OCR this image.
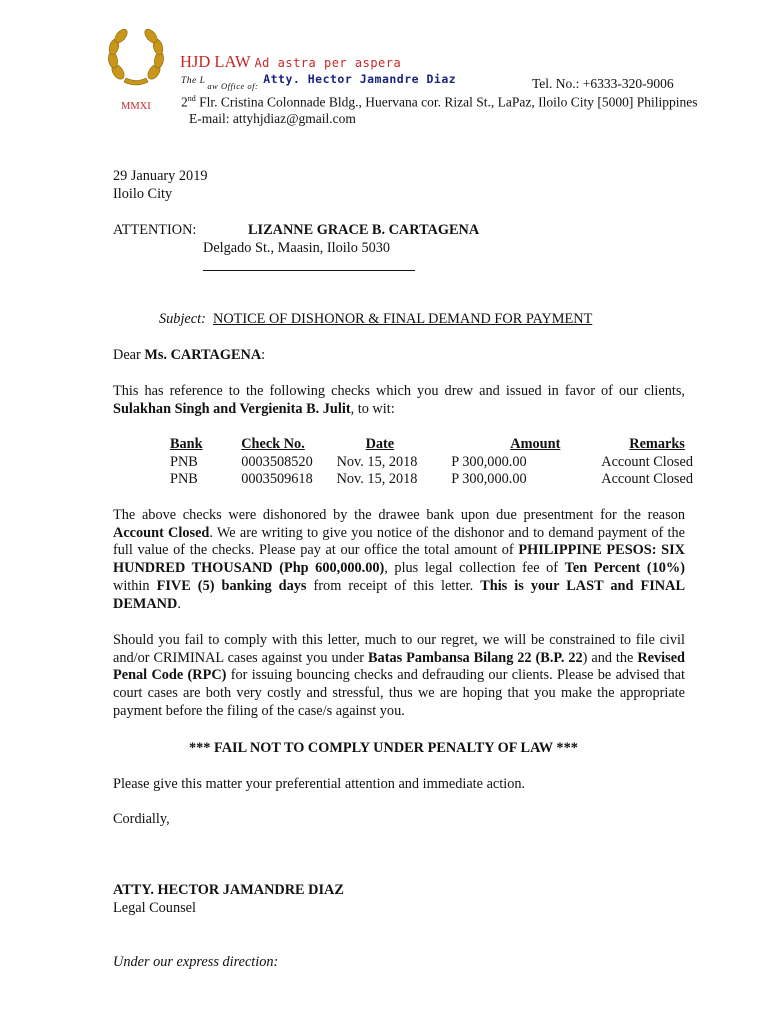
HJD LAW Ad astra per aspera
The L aw Office of: Atty. Hector Jamandre Diaz	Tel. No.: +6333-320-9006
MMXI 2nd Flr. Cristina Colonnade Bldg., Huervana cor. Rizal St., LaPaz, Iloilo City [5000] Philippines
E-mail: attyhjdiaz@gmail.com
29 January 2019
Iloilo City
ATTENTION:	LIZANNE GRACE B. CARTAGENA
Delgado St., Maasin, Iloilo 5030
Subject: NOTICE OF DISHONOR & FINAL DEMAND FOR PAYMENT
Dear Ms. CARTAGENA:
This has reference to the following checks which you drew and issued in favor of our clients, Sulakhan Singh and Vergienita B. Julit, to wit:
Bank	Check No.	Date	Amount	Remarks
PNB	0003508520	Nov. 15, 2018	P 300,000.00	Account Closed
PNB	0003509618	Nov. 15, 2018	P 300,000.00	Account Closed
The above checks were dishonored by the drawee bank upon due presentment for the reason Account Closed. We are writing to give you notice of the dishonor and to demand payment of the full value of the checks. Please pay at our office the total amount of PHILIPPINE PESOS: SIX HUNDRED THOUSAND (Php 600,000.00), plus legal collection fee of Ten Percent (10%) within FIVE (5) banking days from receipt of this letter. This is your LAST and FINAL DEMAND.
Should you fail to comply with this letter, much to our regret, we will be constrained to file civil and/or CRIMINAL cases against you under Batas Pambansa Bilang 22 (B.P. 22) and the Revised Penal Code (RPC) for issuing bouncing checks and defrauding our clients. Please be advised that court cases are both very costly and stressful, thus we are hoping that you make the appropriate payment before the filing of the case/s against you.
*** FAIL NOT TO COMPLY UNDER PENALTY OF LAW ***
Please give this matter your preferential attention and immediate action.
Cordially,
ATTY. HECTOR JAMANDRE DIAZ
Legal Counsel
Under our express direction:
